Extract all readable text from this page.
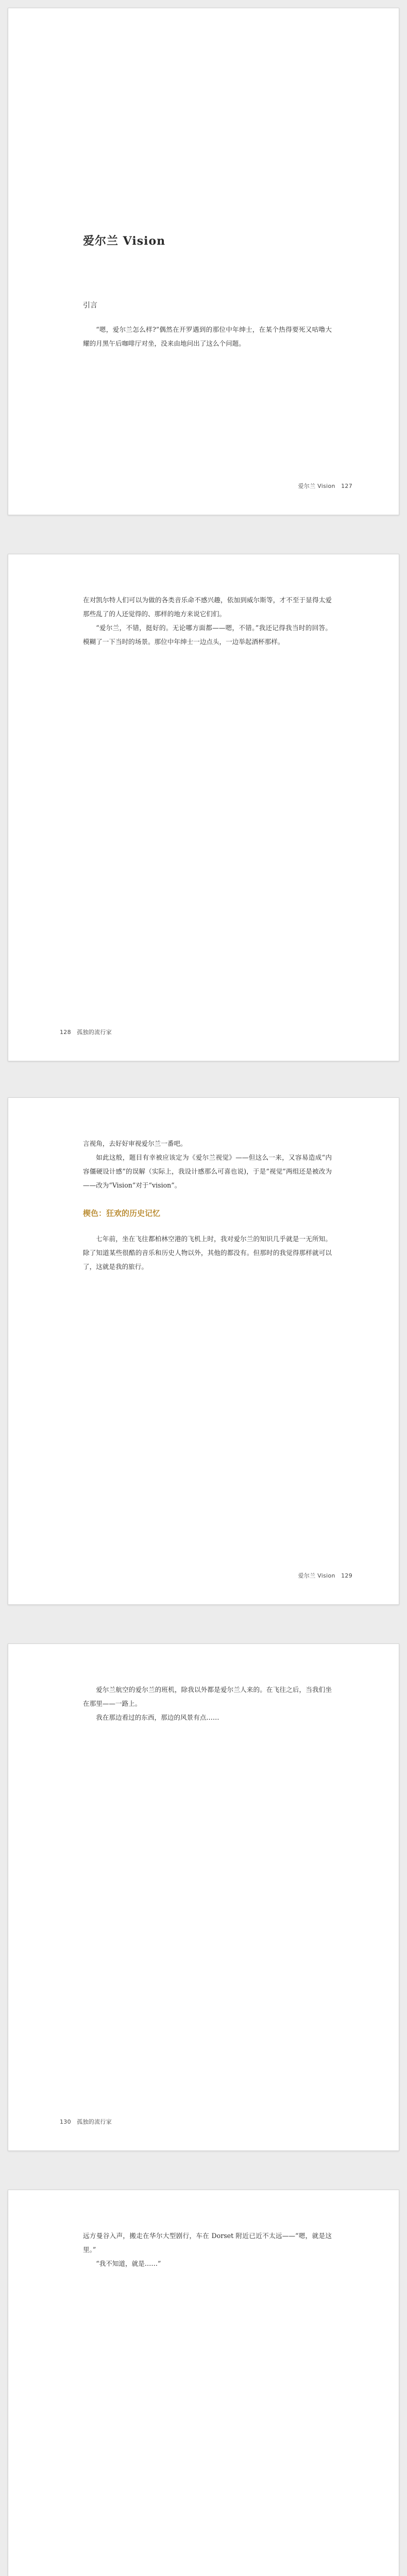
爱尔兰 Vision

引言

“嗯，爱尔兰怎么样?”偶然在开罗遇到的那位中年绅士，在某个热得要死又咕噜大耀的月黑午后咖啡厅对坐，没来由地问出了这么个问题。

爱尔兰 Vision　127

在对凯尔特人们可以为做的各类音乐命不感兴趣，依加到威尔斯等，才不至于显得太爱那些乱了的人还觉得的、那样的地方来说它们们。

“爱尔兰，不错，挺好的。无论哪方面都——嗯，不错。”我还记得我当时的回答。模糊了一下当时的场景。那位中年绅士一边点头，一边举起酒杯那样。

128　孤独的流行家

言视角，去好好审视爱尔兰一番吧。

如此这般，题目有幸被应该定为《爱尔兰视觉》——但这么一来，又容易造成“内容僵硬设计感”的误解（实际上，我设计感那么可喜也说)，于是“视觉”两组还是被改为——改为“Vision”对于“vision”。

楔色：狂欢的历史记忆

七年前，坐在飞往都柏林空港的飞机上时，我对爱尔兰的知识几乎就是一无所知。除了知道某些很酷的音乐和历史人物以外，其他的都没有。但那时的我觉得那样就可以了，这就是我的旅行。

爱尔兰 Vision　129

爱尔兰航空的爱尔兰的班机，除我以外都是爱尔兰人来的。在飞往之后，当我们坐在那里——一路上。

我在那边看过的东西，那边的风景有点……

130　孤独的流行家

远方曼谷入声，搬走在华尔大型剧行，车在 Dorset 附近已近不太远——“嗯，就是这里。”

“我不知道，就是……”
